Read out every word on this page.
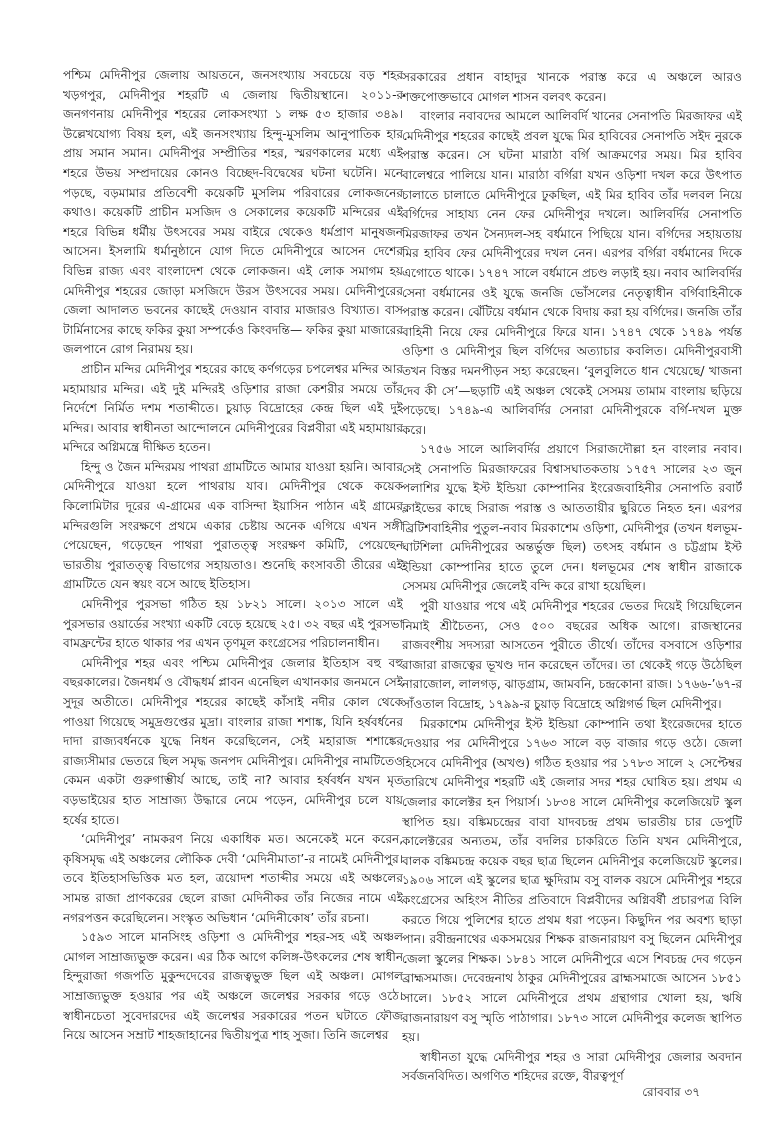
পশ্চিম মেদিনীপুর জেলায় আয়তনে, জনসংখ্যায় সবচেয়ে বড় শহর খড়গপুর, মেদিনীপুর শহরটি এ জেলায় দ্বিতীয়স্থানে। ২০১১-র জনগণনায় মেদিনীপুর শহরের লোকসংখ্যা ১ লক্ষ ৫৩ হাজার ৩৪৯। উল্লেখযোগ্য বিষয় হল, এই জনসংখ্যায় হিন্দু-মুসলিম আনুপাতিক হার প্রায় সমান সমান। মেদিনীপুর সম্প্রীতির শহর, স্মরণকালের মধ্যে এই শহরে উভয় সম্প্রদায়ের কোনও বিচ্ছেদ-বিদ্বেষের ঘটনা ঘটেনি। মনে পড়ছে, বড়মামার প্রতিবেশী কয়েকটি মুসলিম পরিবারের লোকজনের কথাও। কয়েকটি প্রাচীন মসজিদ ও সেকালের কয়েকটি মন্দিরের এই শহরে বিভিন্ন ধর্মীয় উৎসবের সময় বাইরে থেকেও ধর্মপ্রাণ মানুষজন আসেন। ইসলামি ধর্মানুষ্ঠানে যোগ দিতে মেদিনীপুরে আসেন দেশের বিভিন্ন রাজ্য এবং বাংলাদেশ থেকে লোকজন। এই লোক সমাগম হয় মেদিনীপুর শহরের জোড়া মসজিদে উরস উৎসবের সময়। মেদিনীপুরের জেলা আদালত ভবনের কাছেই দেওয়ান বাবার মাজারও বিখ্যাত। বাস টার্মিনাসের কাছে ফকির কুয়া সম্পর্কেও কিংবদন্তি— ফকির কুয়া মাজারের জলপানে রোগ নিরাময় হয়।

প্রাচীন মন্দির মেদিনীপুর শহরের কাছে কর্ণগড়ের চপলেশ্বর মন্দির আর মহামায়ার মন্দির। এই দুই মন্দিরই ওড়িশার রাজা কেশরীর সময়ে তাঁর নির্দেশে নির্মিত দশম শতাব্দীতে। চুয়াড় বিদ্রোহের কেন্দ্র ছিল এই দুই মন্দির। আবার স্বাধীনতা আন্দোলনে মেদিনীপুরের বিপ্লবীরা এই মহামায়ার মন্দিরে অগ্নিমন্ত্রে দীক্ষিত হতেন।

হিন্দু ও জৈন মন্দিরময় পাথরা গ্রামটিতে আমার যাওয়া হয়নি। আবার মেদিনীপুরে যাওয়া হলে পাথরায় যাব। মেদিনীপুর থেকে কয়েক কিলোমিটার দূরের এ-গ্রামের এক বাসিন্দা ইয়াসিন পাঠান এই গ্রামের মন্দিরগুলি সংরক্ষণে প্রথমে একার চেষ্টায় অনেক এগিয়ে এখন সঙ্গী পেয়েছেন, গড়েছেন পাথরা পুরাতত্ত্ব সংরক্ষণ কমিটি, পেয়েছেন ভারতীয় পুরাতত্ত্ব বিভাগের সহায়তাও। শুনেছি কংসাবতী তীরের এই গ্রামটিতে যেন স্বয়ং বসে আছে ইতিহাস।

মেদিনীপুর পুরসভা গঠিত হয় ১৮২১ সালে। ২০১৩ সালে এই পুরসভার ওয়ার্ডের সংখ্যা একটি বেড়ে হয়েছে ২৫। ৩২ বছর এই পুরসভা বামফ্রন্টের হাতে থাকার পর এখন তৃণমূল কংগ্রেসের পরিচালনাধীন।

মেদিনীপুর শহর এবং পশ্চিম মেদিনীপুর জেলার ইতিহাস বহু বহু বছরকালের। জৈনধর্ম ও বৌদ্ধধর্ম প্লাবন এনেছিল এখানকার জনমনে সেই সুদূর অতীতে। মেদিনীপুর শহরের কাছেই কাঁসাই নদীর কোল থেকে পাওয়া গিয়েছে সমুদ্রগুপ্তের মুদ্রা। বাংলার রাজা শশাঙ্ক, যিনি হর্ষবর্ধনের দাদা রাজ্যবর্ধনকে যুদ্ধে নিধন করেছিলেন, সেই মহারাজ শশাঙ্কের রাজ্যসীমার ভেতরে ছিল সমৃদ্ধ জনপদ মেদিনীপুর। মেদিনীপুর নামটিতেও কেমন একটা গুরুগাম্ভীর্য আছে, তাই না? আবার হর্ষবর্ধন যখন মৃত বড়ভাইয়ের হাত সাম্রাজ্য উদ্ধারে নেমে পড়েন, মেদিনীপুর চলে যায় হর্ষের হাতে।

‘মেদিনীপুর’ নামকরণ নিয়ে একাধিক মত। অনেকেই মনে করেন, কৃষিসমৃদ্ধ এই অঞ্চলের লৌকিক দেবী ‘মেদিনীমাতা’-র নামেই মেদিনীপুর। তবে ইতিহাসভিত্তিক মত হল, ত্রয়োদশ শতাব্দীর সময়ে এই অঞ্চলের সামন্ত রাজা প্রাণকরের ছেলে রাজা মেদিনীকর তাঁর নিজের নামে এই নগরপত্তন করেছিলেন। সংস্কৃত অভিধান ‘মেদিনীকোষ’ তাঁর রচনা।

১৫৯৩ সালে মানসিংহ ওড়িশা ও মেদিনীপুর শহর-সহ এই অঞ্চল মোগল সাম্রাজ্যভুক্ত করেন। এর ঠিক আগে কলিঙ্গ-উৎকলের শেষ স্বাধীন হিন্দুরাজা গজপতি মুকুন্দদেবের রাজত্বভুক্ত ছিল এই অঞ্চল। মোগল সাম্রাজ্যভুক্ত হওয়ার পর এই অঞ্চলে জলেশ্বর সরকার গড়ে ওঠে। স্বাধীনচেতা সুবেদারদের এই জলেশ্বর সরকারের পতন ঘটাতে ফৌজ নিয়ে আসেন সম্রাট শাহজাহানের দ্বিতীয়পুত্র শাহ সুজা। তিনি জলেশ্বর

সরকারের প্রধান বাহাদুর খানকে পরাস্ত করে এ অঞ্চলে আরও শক্তপোক্তভাবে মোগল শাসন বলবৎ করেন।

বাংলার নবাবদের আমলে আলিবর্দি খানের সেনাপতি মিরজাফর এই মেদিনীপুর শহরের কাছেই প্রবল যুদ্ধে মির হাবিবের সেনাপতি সইদ নুরকে পরাস্ত করেন। সে ঘটনা মারাঠা বর্গি আক্রমণের সময়। মির হাবিব বালেশ্বরে পালিয়ে যান। মারাঠা বর্গিরা যখন ওড়িশা দখল করে উৎপাত চালাতে চালাতে মেদিনীপুরে ঢুকছিল, এই মির হাবিব তাঁর দলবল নিয়ে বর্গিদের সাহায্য নেন ফের মেদিনীপুর দখলে। আলিবর্দির সেনাপতি মিরজাফর তখন সৈন্যদল-সহ বর্ধমানে পিছিয়ে যান। বর্গিদের সহায়তায় মির হাবিব ফের মেদিনীপুরের দখল নেন। এরপর বর্গিরা বর্ধমানের দিকে এগোতে থাকে। ১৭৪৭ সালে বর্ধমানে প্রচণ্ড লড়াই হয়। নবাব আলিবর্দির সেনা বর্ধমানের ওই যুদ্ধে জনজি ভোঁসলের নেতৃত্বাধীন বর্গিবাহিনীকে পরাস্ত করেন। ঝেঁটিয়ে বর্ধমান থেকে বিদায় করা হয় বর্গিদের। জনজি তাঁর বাহিনী নিয়ে ফের মেদিনীপুরে ফিরে যান। ১৭৪৭ থেকে ১৭৪৯ পর্যন্ত ওড়িশা ও মেদিনীপুর ছিল বর্গিদের অত্যাচার কবলিত। মেদিনীপুরবাসী তখন বিস্তর দমনপীড়ন সহ্য করেছেন। ‘বুলবুলিতে ধান খেয়েছে/ খাজনা দেব কী সে’—ছড়াটি এই অঞ্চল থেকেই সেসময় তামাম বাংলায় ছড়িয়ে পড়েছে। ১৭৪৯-এ আলিবর্দির সেনারা মেদিনীপুরকে বর্গি-দখল মুক্ত করে।

১৭৫৬ সালে আলিবর্দির প্রয়াণে সিরাজদৌল্লা হন বাংলার নবাব। সেই সেনাপতি মিরজাফরের বিশ্বাসঘাতকতায় ১৭৫৭ সালের ২৩ জুন পলাশির যুদ্ধে ইস্ট ইন্ডিয়া কোম্পানির ইংরেজবাহিনীর সেনাপতি রবার্ট ক্লাইভের কাছে সিরাজ পরাস্ত ও আততায়ীর ছুরিতে নিহত হন। এরপর ব্রিটিশবাহিনীর পুতুল-নবাব মিরকাশেম ওড়িশা, মেদিনীপুর (তখন ধলভূম-ঘাটশিলা মেদিনীপুরের অন্তর্ভুক্ত ছিল) তৎসহ বর্ধমান ও চট্টগ্রাম ইস্ট ইন্ডিয়া কোম্পানির হাতে তুলে দেন। ধলভূমের শেষ স্বাধীন রাজাকে সেসময় মেদিনীপুর জেলেই বন্দি করে রাখা হয়েছিল।

পুরী যাওয়ার পথে এই মেদিনীপুর শহরের ভেতর দিয়েই গিয়েছিলেন নিমাই শ্রীচৈতন্য, সেও ৫০০ বছরের অধিক আগে। রাজস্থানের রাজবংশীয় সদস্যরা আসতেন পুরীতে তীর্থে। তাঁদের বসবাসে ওড়িশার রাজারা রাজত্বের ভূখণ্ড দান করেছেন তাঁদের। তা থেকেই গড়ে উঠেছিল নারাজোল, লালগড়, ঝাড়গ্রাম, জামবনি, চন্দ্রকোনা রাজ। ১৭৬৬-’৬৭-র সাঁওতাল বিদ্রোহ, ১৭৯৯-র চুয়াড় বিদ্রোহে অগ্নিগর্ভ ছিল মেদিনীপুর।

মিরকাশেম মেদিনীপুর ইস্ট ইন্ডিয়া কোম্পানি তথা ইংরেজদের হাতে দেওয়ার পর মেদিনীপুরে ১৭৬৩ সালে বড় বাজার গড়ে ওঠে। জেলা হিসেবে মেদিনীপুর (অখণ্ড) গঠিত হওয়ার পর ১৭৮৩ সালে ২ সেপ্টেম্বর তারিখে মেদিনীপুর শহরটি এই জেলার সদর শহর ঘোষিত হয়। প্রথম এ জেলার কালেক্টর হন পিয়ার্স। ১৮৩৪ সালে মেদিনীপুর কলেজিয়েট স্কুল স্থাপিত হয়। বঙ্কিমচন্দ্রের বাবা যাদবচন্দ্র প্রথম ভারতীয় চার ডেপুটি কালেক্টরের অন্যতম, তাঁর বদলির চাকরিতে তিনি যখন মেদিনীপুরে, বালক বঙ্কিমচন্দ্র কয়েক বছর ছাত্র ছিলেন মেদিনীপুর কলেজিয়েট স্কুলের। ১৯০৬ সালে এই স্কুলের ছাত্র ক্ষুদিরাম বসু বালক বয়সে মেদিনীপুর শহরে কংগ্রেসের অহিংস নীতির প্রতিবাদে বিপ্লবীদের অগ্নিবর্ষী প্রচারপত্র বিলি করতে গিয়ে পুলিশের হাতে প্রথম ধরা পড়েন। কিছুদিন পর অবশ্য ছাড়া পান। রবীন্দ্রনাথের একসময়ের শিক্ষক রাজনারায়ণ বসু ছিলেন মেদিনীপুর জেলা স্কুলের শিক্ষক। ১৮৪১ সালে মেদিনীপুরে এসে শিবচন্দ্র দেব গড়েন ব্রাহ্মসমাজ। দেবেন্দ্রনাথ ঠাকুর মেদিনীপুরের ব্রাহ্মসমাজে আসেন ১৮৫১ সালে। ১৮৫২ সালে মেদিনীপুরে প্রথম গ্রন্থাগার খোলা হয়, ঋষি রাজনারায়ণ বসু স্মৃতি পাঠাগার। ১৮৭৩ সালে মেদিনীপুর কলেজ স্থাপিত হয়।

স্বাধীনতা যুদ্ধে মেদিনীপুর শহর ও সারা মেদিনীপুর জেলার অবদান সর্বজনবিদিত। অগণিত শহিদের রক্তে, বীরত্বপূর্ণ

রোববার ৩৭
